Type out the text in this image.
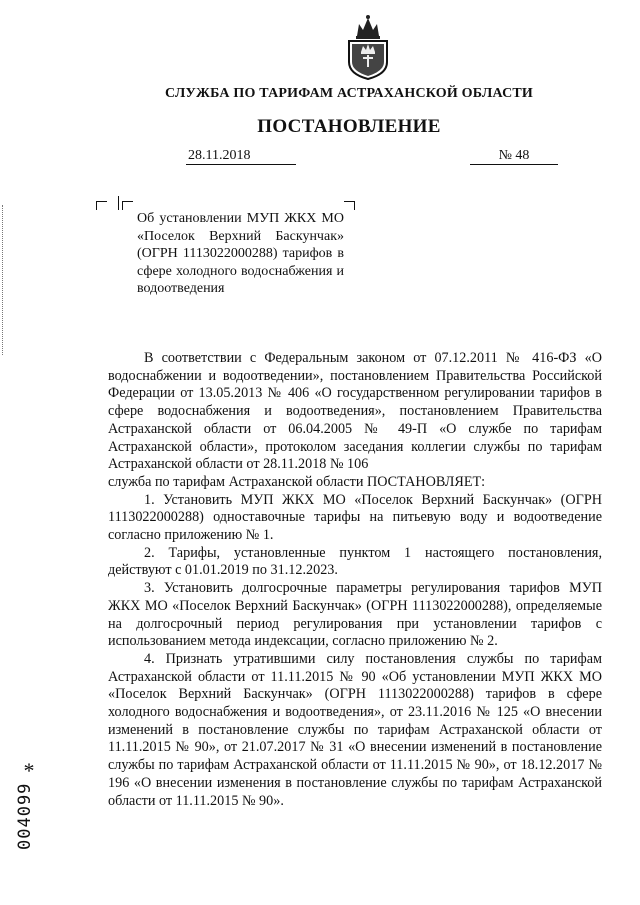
СЛУЖБА ПО ТАРИФАМ АСТРАХАНСКОЙ ОБЛАСТИ
ПОСТАНОВЛЕНИЕ
28.11.2018	№ 48
Об установлении МУП ЖКХ МО «Поселок Верхний Баскунчак» (ОГРН 1113022000288) тарифов в сфере холодного водоснабжения и водоотведения

В соответствии с Федеральным законом от 07.12.2011 № 416-ФЗ «О водоснабжении и водоотведении», постановлением Правительства Российской Федерации от 13.05.2013 № 406 «О государственном регулировании тарифов в сфере водоснабжения и водоотведения», постановлением Правительства Астраханской области от 06.04.2005 № 49-П «О службе по тарифам Астраханской области», протоколом заседания коллегии службы по тарифам Астраханской области от 28.11.2018 № 106

служба по тарифам Астраханской области ПОСТАНОВЛЯЕТ:

1. Установить МУП ЖКХ МО «Поселок Верхний Баскунчак» (ОГРН 1113022000288) одноставочные тарифы на питьевую воду и водоотведение согласно приложению № 1.

2. Тарифы, установленные пунктом 1 настоящего постановления, действуют с 01.01.2019 по 31.12.2023.

3. Установить долгосрочные параметры регулирования тарифов МУП ЖКХ МО «Поселок Верхний Баскунчак» (ОГРН 1113022000288), определяемые на долгосрочный период регулирования при установлении тарифов с использованием метода индексации, согласно приложению № 2.

4. Признать утратившими силу постановления службы по тарифам Астраханской области от 11.11.2015 № 90 «Об установлении МУП ЖКХ МО «Поселок Верхний Баскунчак» (ОГРН 1113022000288) тарифов в сфере холодного водоснабжения и водоотведения», от 23.11.2016 № 125 «О внесении изменений в постановление службы по тарифам Астраханской области от 11.11.2015 № 90», от 21.07.2017 № 31 «О внесении изменений в постановление службы по тарифам Астраханской области от 11.11.2015 № 90», от 18.12.2017 № 196 «О внесении изменения в постановление службы по тарифам Астраханской области от 11.11.2015 № 90».

*
004099
